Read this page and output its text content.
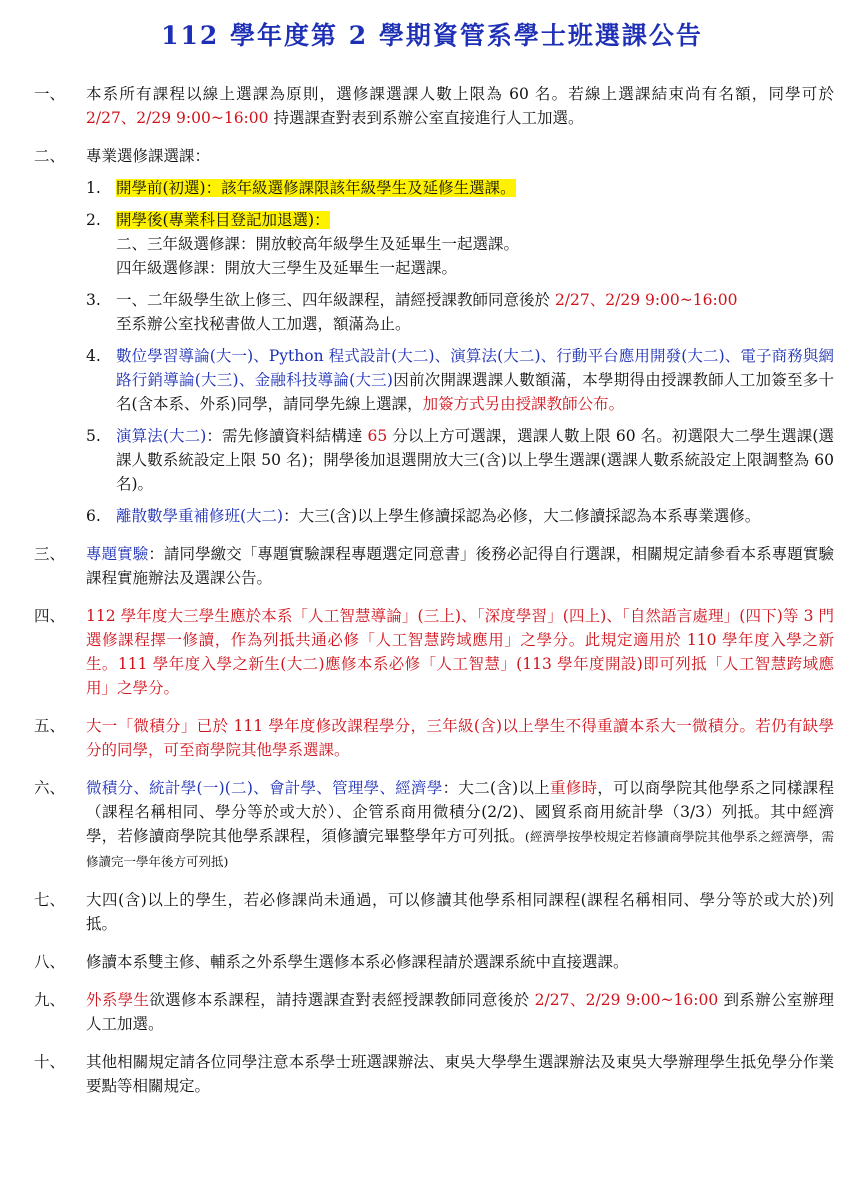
112 學年度第 2 學期資管系學士班選課公告
一、	本系所有課程以線上選課為原則，選修課選課人數上限為 60 名。若線上選課結束尚有名額，同學可於 2/27、2/29 9:00~16:00 持選課查對表到系辦公室直接進行人工加選。
二、	專業選修課選課：
1. 開學前(初選)：該年級選修課限該年級學生及延修生選課。
2. 開學後(專業科目登記加退選)：
二、三年級選修課：開放較高年級學生及延畢生一起選課。
四年級選修課：開放大三學生及延畢生一起選課。
3. 一、二年級學生欲上修三、四年級課程，請經授課教師同意後於 2/27、2/29 9:00~16:00
至系辦公室找秘書做人工加選，額滿為止。
4. 數位學習導論(大一)、Python 程式設計(大二)、演算法(大二)、行動平台應用開發(大二)、電子商務與網路行銷導論(大三)、金融科技導論(大三)因前次開課選課人數額滿，本學期得由授課教師人工加簽至多十名(含本系、外系)同學，請同學先線上選課，加簽方式另由授課教師公布。
5. 演算法(大二)：需先修讀資料結構達 65 分以上方可選課，選課人數上限 60 名。初選限大二學生選課(選課人數系統設定上限 50 名)；開學後加退選開放大三(含)以上學生選課(選課人數系統設定上限調整為 60 名)。
6. 離散數學重補修班(大二)：大三(含)以上學生修讀採認為必修，大二修讀採認為本系專業選修。
三、	專題實驗：請同學繳交「專題實驗課程專題選定同意書」後務必記得自行選課，相關規定請參看本系專題實驗課程實施辦法及選課公告。
四、	112 學年度大三學生應於本系「人工智慧導論」(三上)、「深度學習」(四上)、「自然語言處理」(四下)等 3 門選修課程擇一修讀，作為列抵共通必修「人工智慧跨域應用」之學分。此規定適用於 110 學年度入學之新生。111 學年度入學之新生(大二)應修本系必修「人工智慧」(113 學年度開設)即可列抵「人工智慧跨域應用」之學分。
五、	大一「微積分」已於 111 學年度修改課程學分，三年級(含)以上學生不得重讀本系大一微積分。若仍有缺學分的同學，可至商學院其他學系選課。
六、	微積分、統計學(一)(二)、會計學、管理學、經濟學：大二(含)以上重修時，可以商學院其他學系之同樣課程（課程名稱相同、學分等於或大於）、企管系商用微積分(2/2)、國貿系商用統計學（3/3）列抵。其中經濟學，若修讀商學院其他學系課程，須修讀完畢整學年方可列抵。(經濟學按學校規定若修讀商學院其他學系之經濟學，需修讀完一學年後方可列抵)
七、	大四(含)以上的學生，若必修課尚未通過，可以修讀其他學系相同課程(課程名稱相同、學分等於或大於)列抵。
八、	修讀本系雙主修、輔系之外系學生選修本系必修課程請於選課系統中直接選課。
九、	外系學生欲選修本系課程，請持選課查對表經授課教師同意後於 2/27、2/29 9:00~16:00 到系辦公室辦理人工加選。
十、	其他相關規定請各位同學注意本系學士班選課辦法、東吳大學學生選課辦法及東吳大學辦理學生抵免學分作業要點等相關規定。
